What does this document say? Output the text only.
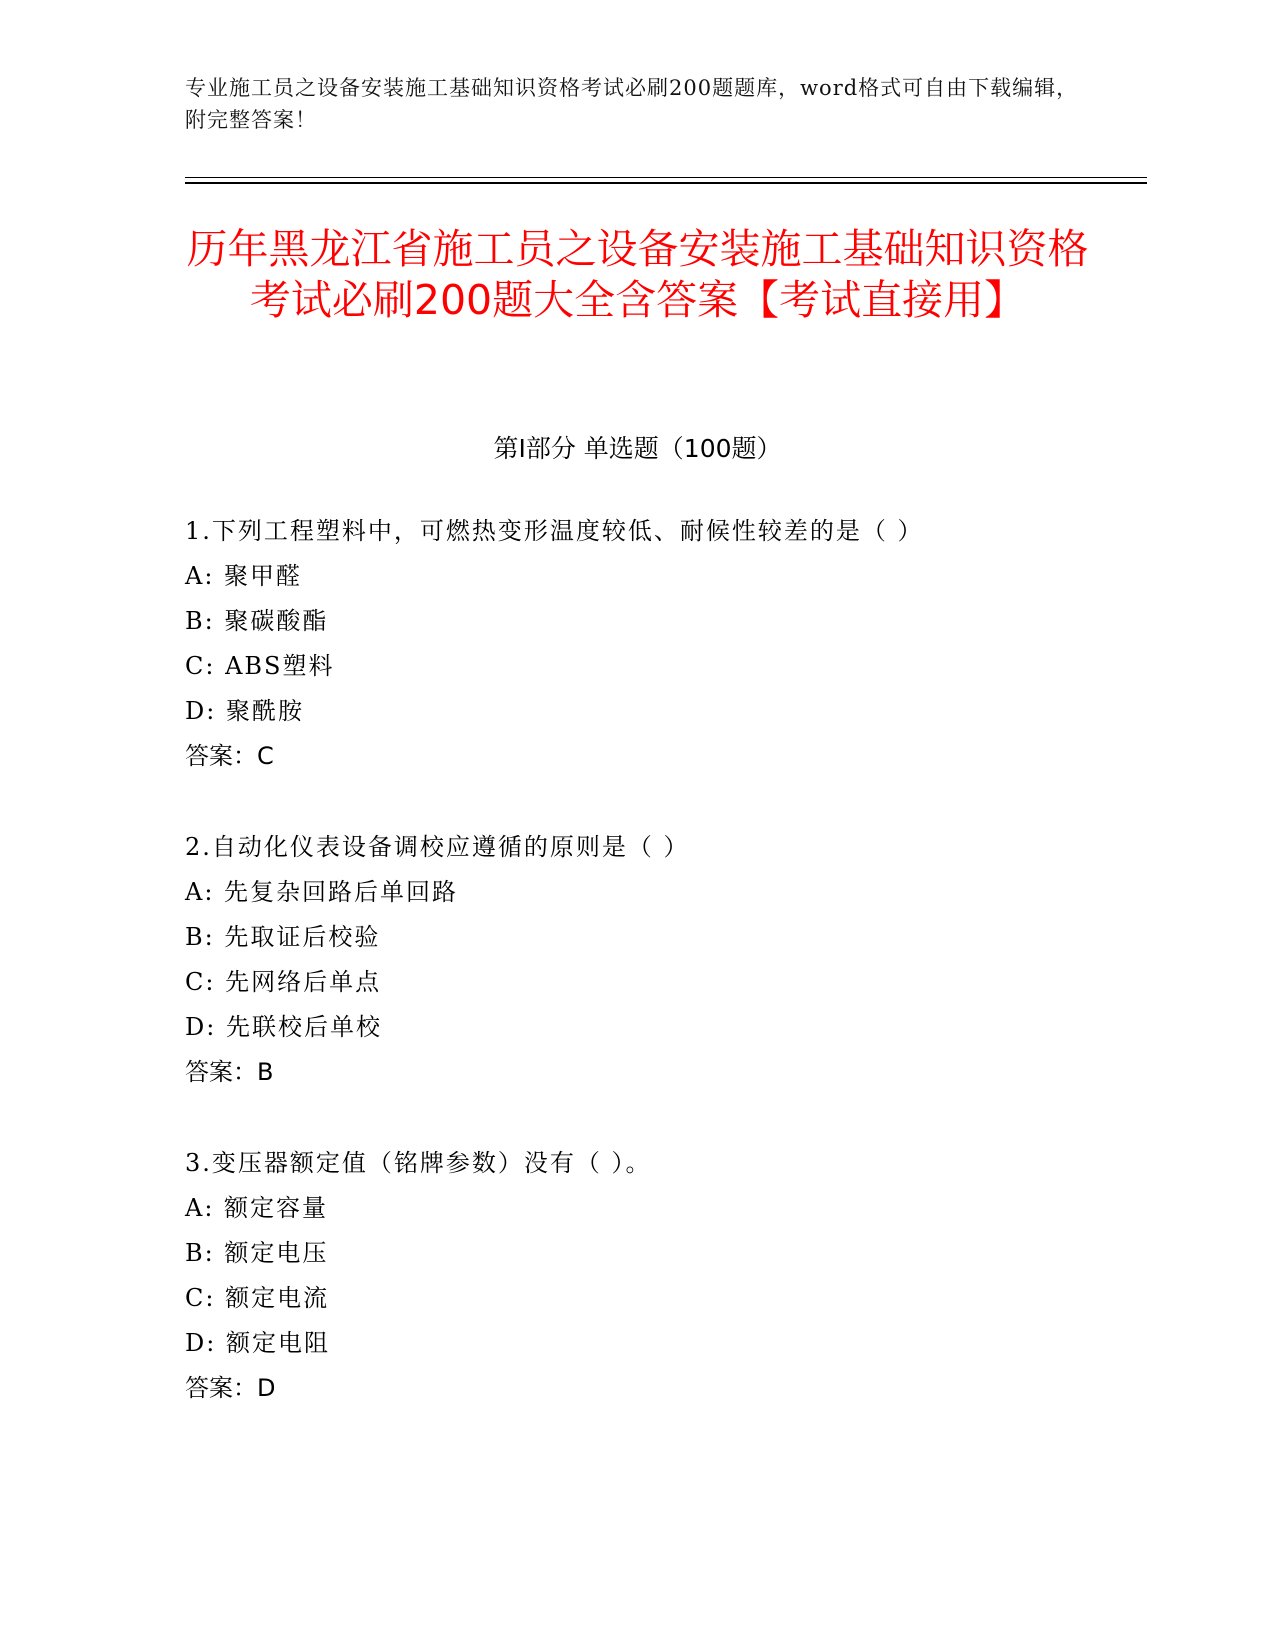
专业施工员之设备安装施工基础知识资格考试必刷200题题库，word格式可自由下载编辑，附完整答案！
历年黑龙江省施工员之设备安装施工基础知识资格考试必刷200题大全含答案【考试直接用】
第I部分 单选题（100题）
1.下列工程塑料中，可燃热变形温度较低、耐候性较差的是（ ）
A: 聚甲醛
B: 聚碳酸酯
C: ABS塑料
D: 聚酰胺
答案：C
2.自动化仪表设备调校应遵循的原则是（ ）
A: 先复杂回路后单回路
B: 先取证后校验
C: 先网络后单点
D: 先联校后单校
答案：B
3.变压器额定值（铭牌参数）没有（ ）。
A: 额定容量
B: 额定电压
C: 额定电流
D: 额定电阻
答案：D
